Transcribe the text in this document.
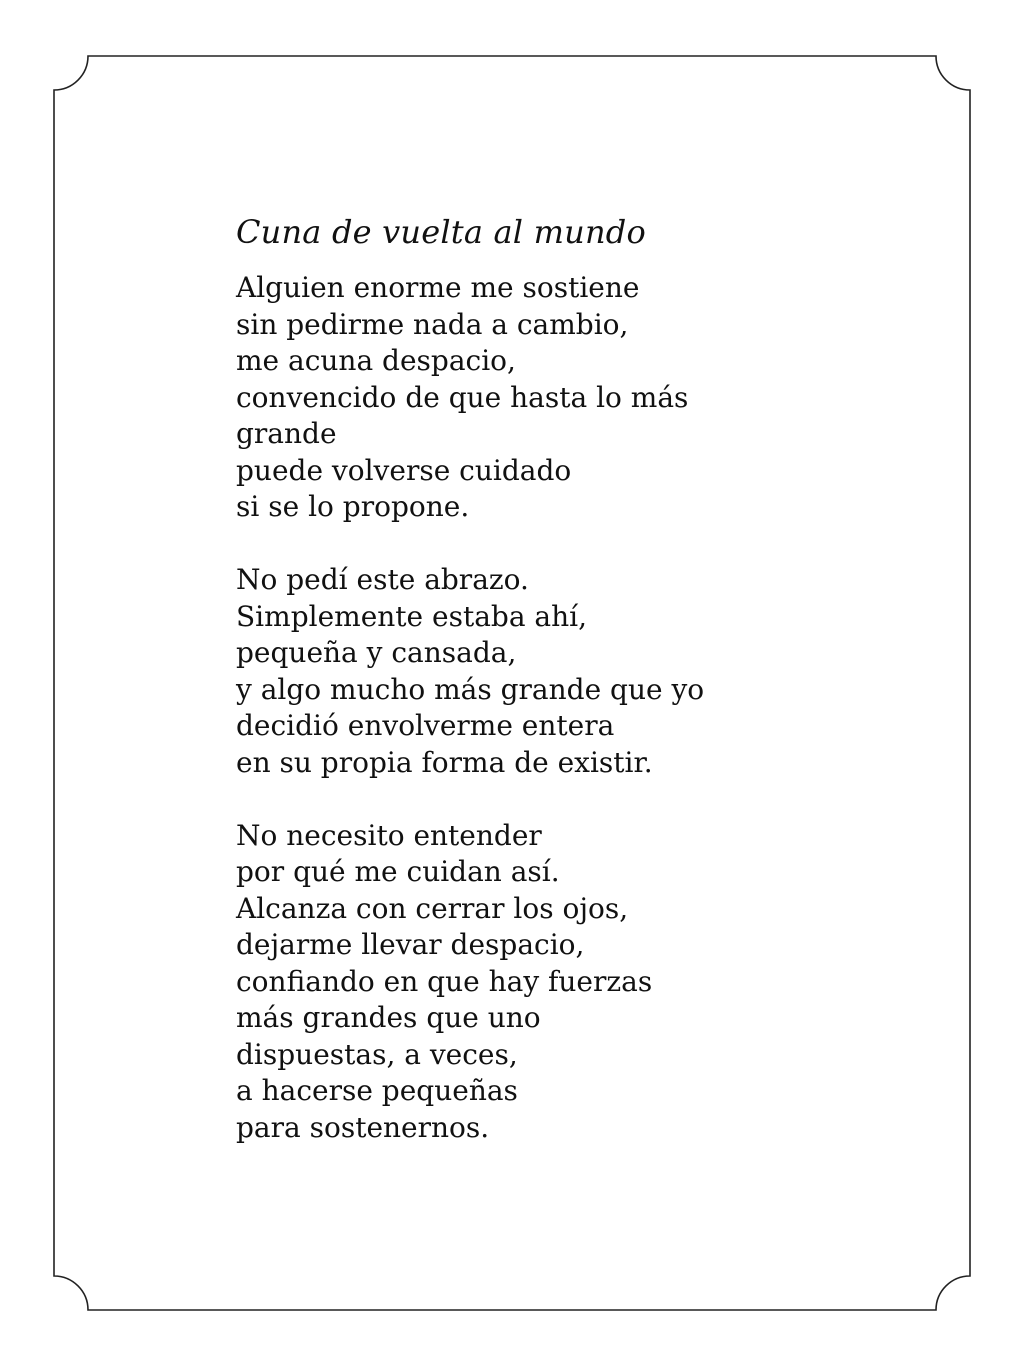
Cuna de vuelta al mundo
Alguien enorme me sostiene
sin pedirme nada a cambio,
me acuna despacio,
convencido de que hasta lo más
grande
puede volverse cuidado
si se lo propone.
No pedí este abrazo.
Simplemente estaba ahí,
pequeña y cansada,
y algo mucho más grande que yo
decidió envolverme entera
en su propia forma de existir.
No necesito entender
por qué me cuidan así.
Alcanza con cerrar los ojos,
dejarme llevar despacio,
confiando en que hay fuerzas
más grandes que uno
dispuestas, a veces,
a hacerse pequeñas
para sostenernos.
